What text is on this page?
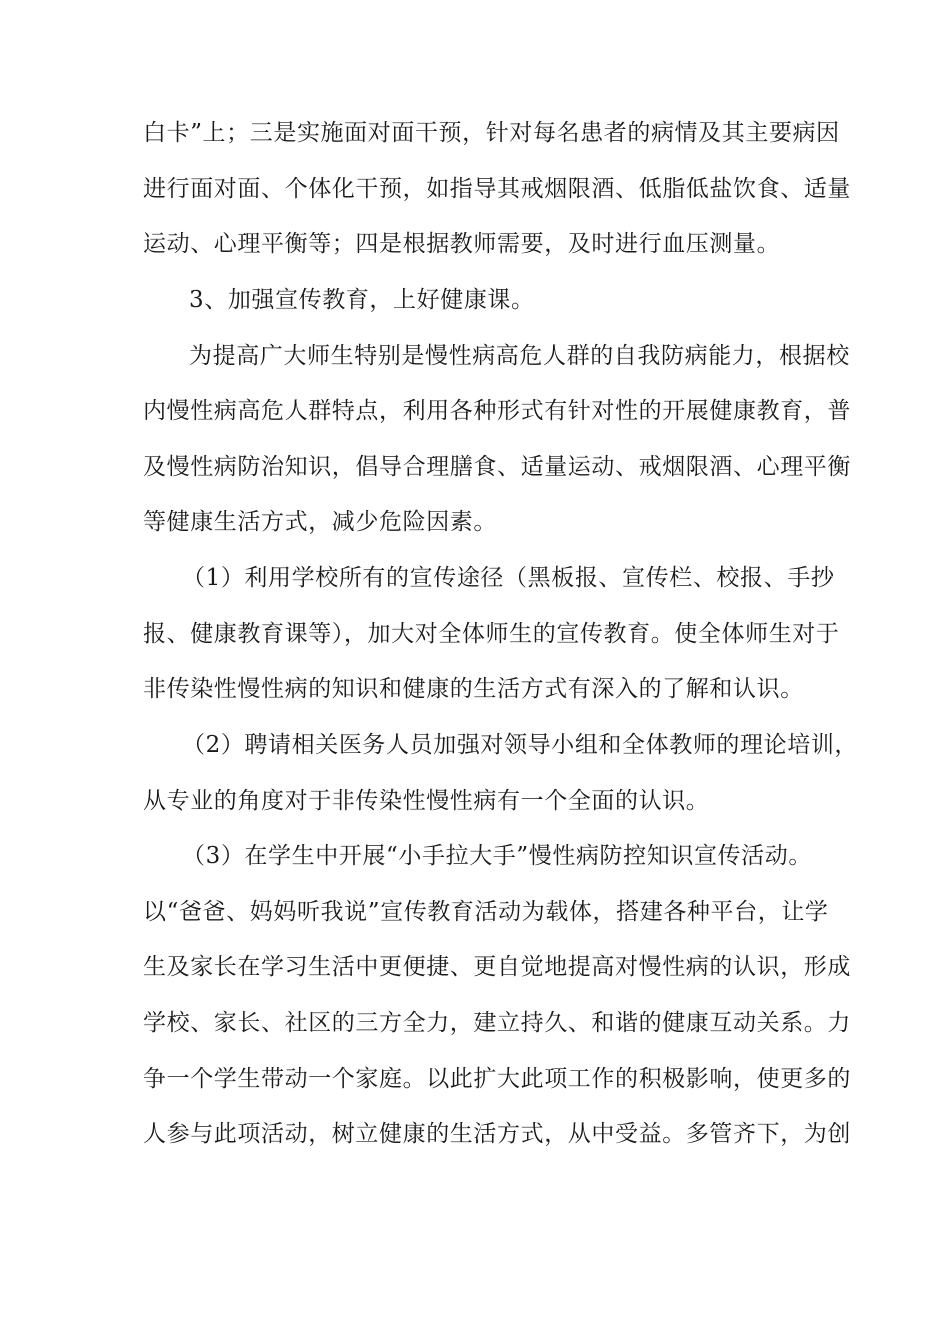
白卡”上；三是实施面对面干预，针对每名患者的病情及其主要病因
进行面对面、个体化干预，如指导其戒烟限酒、低脂低盐饮食、适量
运动、心理平衡等；四是根据教师需要，及时进行血压测量。
3、加强宣传教育，上好健康课。
为提高广大师生特别是慢性病高危人群的自我防病能力，根据校
内慢性病高危人群特点，利用各种形式有针对性的开展健康教育，普
及慢性病防治知识，倡导合理膳食、适量运动、戒烟限酒、心理平衡
等健康生活方式，减少危险因素。
（1）利用学校所有的宣传途径（黑板报、宣传栏、校报、手抄
报、健康教育课等），加大对全体师生的宣传教育。使全体师生对于
非传染性慢性病的知识和健康的生活方式有深入的了解和认识。
（2）聘请相关医务人员加强对领导小组和全体教师的理论培训，
从专业的角度对于非传染性慢性病有一个全面的认识。
（3）在学生中开展“小手拉大手”慢性病防控知识宣传活动。
以“爸爸、妈妈听我说”宣传教育活动为载体，搭建各种平台，让学
生及家长在学习生活中更便捷、更自觉地提高对慢性病的认识，形成
学校、家长、社区的三方全力，建立持久、和谐的健康互动关系。力
争一个学生带动一个家庭。以此扩大此项工作的积极影响，使更多的
人参与此项活动，树立健康的生活方式，从中受益。多管齐下，为创
